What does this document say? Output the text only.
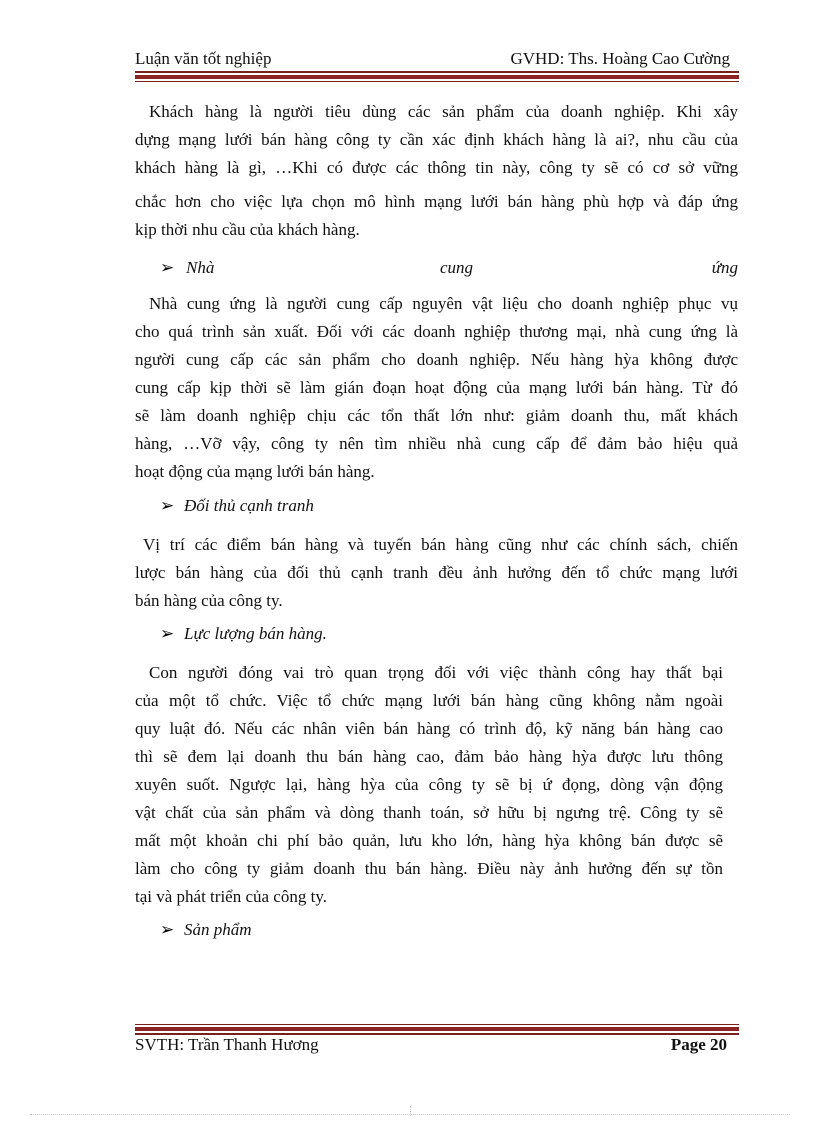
Luận văn tốt nghiệp	GVHD: Ths. Hoàng Cao Cường
Khách hàng là người tiêu dùng các sản phẩm của doanh nghiệp. Khi xây
dựng mạng lưới bán hàng công ty cần xác định khách hàng là ai?, nhu cầu của
khách hàng là gì, …Khi có được các thông tin này, công ty sẽ có cơ sở vững
chắc hơn cho việc lựa chọn mô hình mạng lưới bán hàng phù hợp và đáp ứng
kịp thời nhu cầu của khách hàng.
➢ Nhà	cung	ứng
Nhà cung ứng là người cung cấp nguyên vật liệu cho doanh nghiệp phục vụ
cho quá trình sản xuất. Đối với các doanh nghiệp thương mại, nhà cung ứng là
người cung cấp các sản phẩm cho doanh nghiệp. Nếu hàng hỳa không được
cung cấp kịp thời sẽ làm gián đoạn hoạt động của mạng lưới bán hàng. Từ đó
sẽ làm doanh nghiệp chịu các tổn thất lớn như: giảm doanh thu, mất khách
hàng, …Vỡ vậy, công ty nên tìm nhiều nhà cung cấp để đảm bảo hiệu quả
hoạt động của mạng lưới bán hàng.
➢ Đối thủ cạnh tranh
Vị trí các điểm bán hàng và tuyến bán hàng cũng như các chính sách, chiến
lược bán hàng của đối thủ cạnh tranh đều ảnh hưởng đến tổ chức mạng lưới
bán hàng của công ty.
➢ Lực lượng bán hàng.
Con người đóng vai trò quan trọng đối với việc thành công hay thất bại
của một tổ chức. Việc tổ chức mạng lưới bán hàng cũng không nằm ngoài
quy luật đó. Nếu các nhân viên bán hàng có trình độ, kỹ năng bán hàng cao
thì sẽ đem lại doanh thu bán hàng cao, đảm bảo hàng hỳa được lưu thông
xuyên suốt. Ngược lại, hàng hỳa của công ty sẽ bị ứ đọng, dòng vận động
vật chất của sản phẩm và dòng thanh toán, sở hữu bị ngưng trệ. Công ty sẽ
mất một khoản chi phí bảo quản, lưu kho lớn, hàng hỳa không bán được sẽ
làm cho công ty giảm doanh thu bán hàng. Điều này ảnh hưởng đến sự tồn
tại và phát triển của công ty.
➢ Sản phẩm
SVTH: Trần Thanh Hương	Page 20
